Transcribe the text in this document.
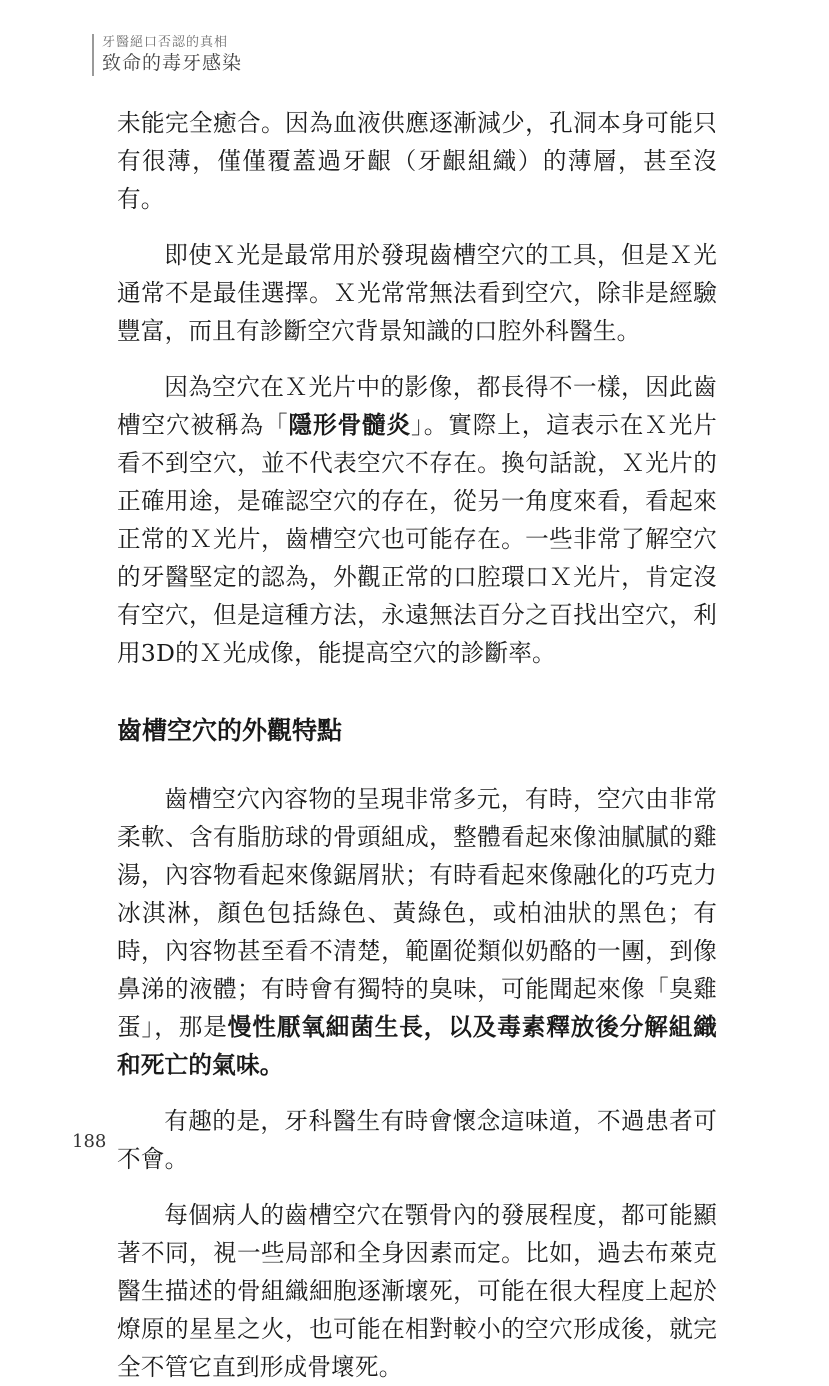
牙醫絕口否認的真相
致命的毒牙感染

未能完全癒合。因為血液供應逐漸減少，孔洞本身可能只有很薄，僅僅覆蓋過牙齦（牙齦組織）的薄層，甚至沒有。

即使Ｘ光是最常用於發現齒槽空穴的工具，但是Ｘ光通常不是最佳選擇。Ｘ光常常無法看到空穴，除非是經驗豐富，而且有診斷空穴背景知識的口腔外科醫生。

因為空穴在Ｘ光片中的影像，都長得不一樣，因此齒槽空穴被稱為「隱形骨髓炎」。實際上，這表示在Ｘ光片看不到空穴，並不代表空穴不存在。換句話說，Ｘ光片的正確用途，是確認空穴的存在，從另一角度來看，看起來正常的Ｘ光片，齒槽空穴也可能存在。一些非常了解空穴的牙醫堅定的認為，外觀正常的口腔環口Ｘ光片，肯定沒有空穴，但是這種方法，永遠無法百分之百找出空穴，利用3D的Ｘ光成像，能提高空穴的診斷率。

齒槽空穴的外觀特點

齒槽空穴內容物的呈現非常多元，有時，空穴由非常柔軟、含有脂肪球的骨頭組成，整體看起來像油膩膩的雞湯，內容物看起來像鋸屑狀；有時看起來像融化的巧克力冰淇淋，顏色包括綠色、黃綠色，或柏油狀的黑色；有時，內容物甚至看不清楚，範圍從類似奶酪的一團，到像鼻涕的液體；有時會有獨特的臭味，可能聞起來像「臭雞蛋」，那是慢性厭氧細菌生長，以及毒素釋放後分解組織和死亡的氣味。

有趣的是，牙科醫生有時會懷念這味道，不過患者可不會。

每個病人的齒槽空穴在顎骨內的發展程度，都可能顯著不同，視一些局部和全身因素而定。比如，過去布萊克醫生描述的骨組織細胞逐漸壞死，可能在很大程度上起於燎原的星星之火，也可能在相對較小的空穴形成後，就完全不管它直到形成骨壞死。

188
